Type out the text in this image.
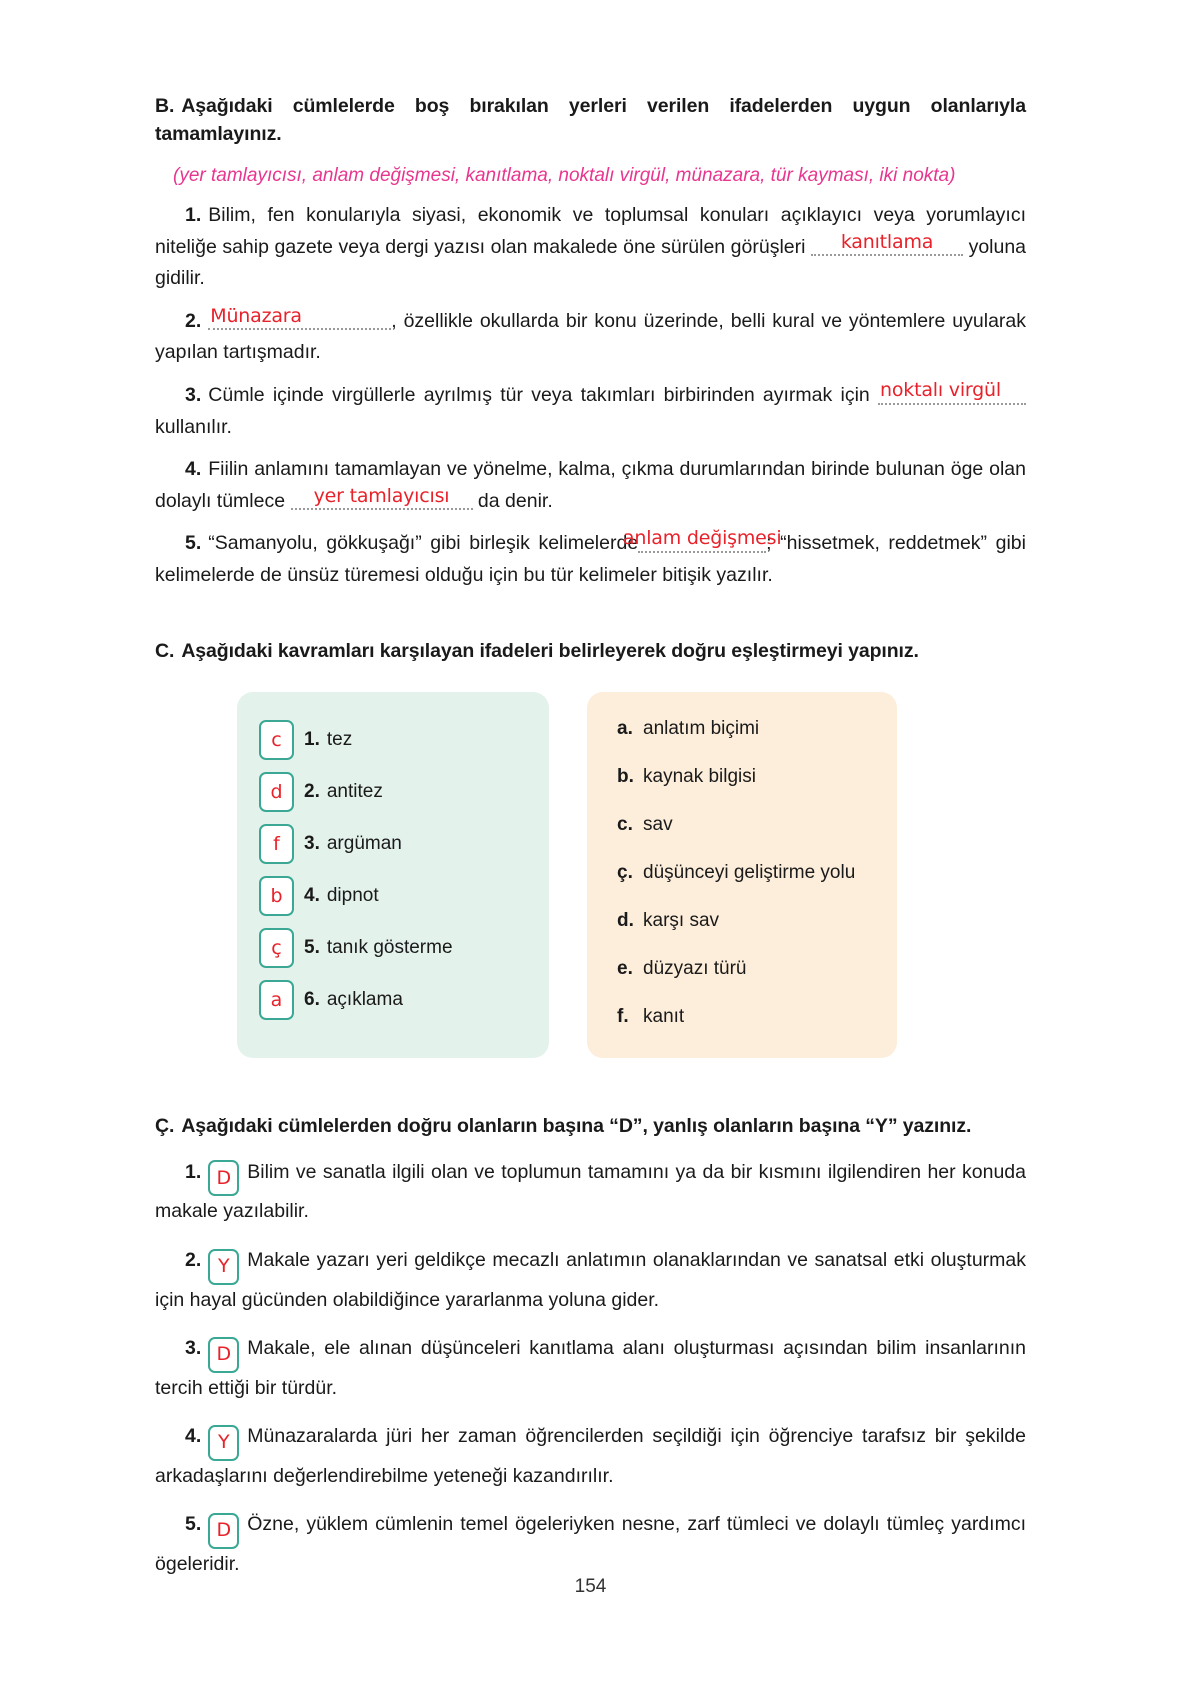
B. Aşağıdaki cümlelerde boş bırakılan yerleri verilen ifadelerden uygun olanlarıyla tamamlayınız.

(yer tamlayıcısı, anlam değişmesi, kanıtlama, noktalı virgül, münazara, tür kayması, iki nokta)

1. Bilim, fen konularıyla siyasi, ekonomik ve toplumsal konuları açıklayıcı veya yorumlayıcı niteliğe sahip gazete veya dergi yazısı olan makalede öne sürülen görüşleri kanıtlama yoluna gidilir.

2. Münazara	, özellikle okullarda bir konu üzerinde, belli kural ve yöntemlere uyularak yapılan tartışmadır.

3. Cümle içinde virgüllerle ayrılmış tür veya takımları birbirinden ayırmak için noktalı virgül
kullanılır.

4. Fiilin anlamını tamamlayan ve yönelme, kalma, çıkma durumlarından birinde bulunan öge olan dolaylı tümlece yer tamlayıcısı da denir.

5. “Samanyolu, gökkuşağı” gibi birleşik kelimelerde
anlam değişmesi
; “hissetmek, reddetmek” gibi kelimelerde de ünsüz türemesi olduğu için bu tür kelimeler bitişik yazılır.

C. Aşağıdaki kavramları karşılayan ifadeleri belirleyerek doğru eşleştirmeyi yapınız.

c	1. tez
d	2. antitez
f	3. argüman
b	4. dipnot
ç	5. tanık gösterme
a	6. açıklama
a. anlatım biçimi
b. kaynak bilgisi
c. sav
ç. düşünceyi geliştirme yolu
d. karşı sav
e. düzyazı türü
f. kanıt

Ç. Aşağıdaki cümlelerden doğru olanların başına “D”, yanlış olanların başına “Y” yazınız.

1. D Bilim ve sanatla ilgili olan ve toplumun tamamını ya da bir kısmını ilgilendiren her konuda makale yazılabilir.

2. Y Makale yazarı yeri geldikçe mecazlı anlatımın olanaklarından ve sanatsal etki oluşturmak için hayal gücünden olabildiğince yararlanma yoluna gider.

3. D Makale, ele alınan düşünceleri kanıtlama alanı oluşturması açısından bilim insanlarının tercih ettiği bir türdür.

4. Y Münazaralarda jüri her zaman öğrencilerden seçildiği için öğrenciye tarafsız bir şekilde arkadaşlarını değerlendirebilme yeteneği kazandırılır.

5. D Özne, yüklem cümlenin temel ögeleriyken nesne, zarf tümleci ve dolaylı tümleç yardımcı ögeleridir.

154
